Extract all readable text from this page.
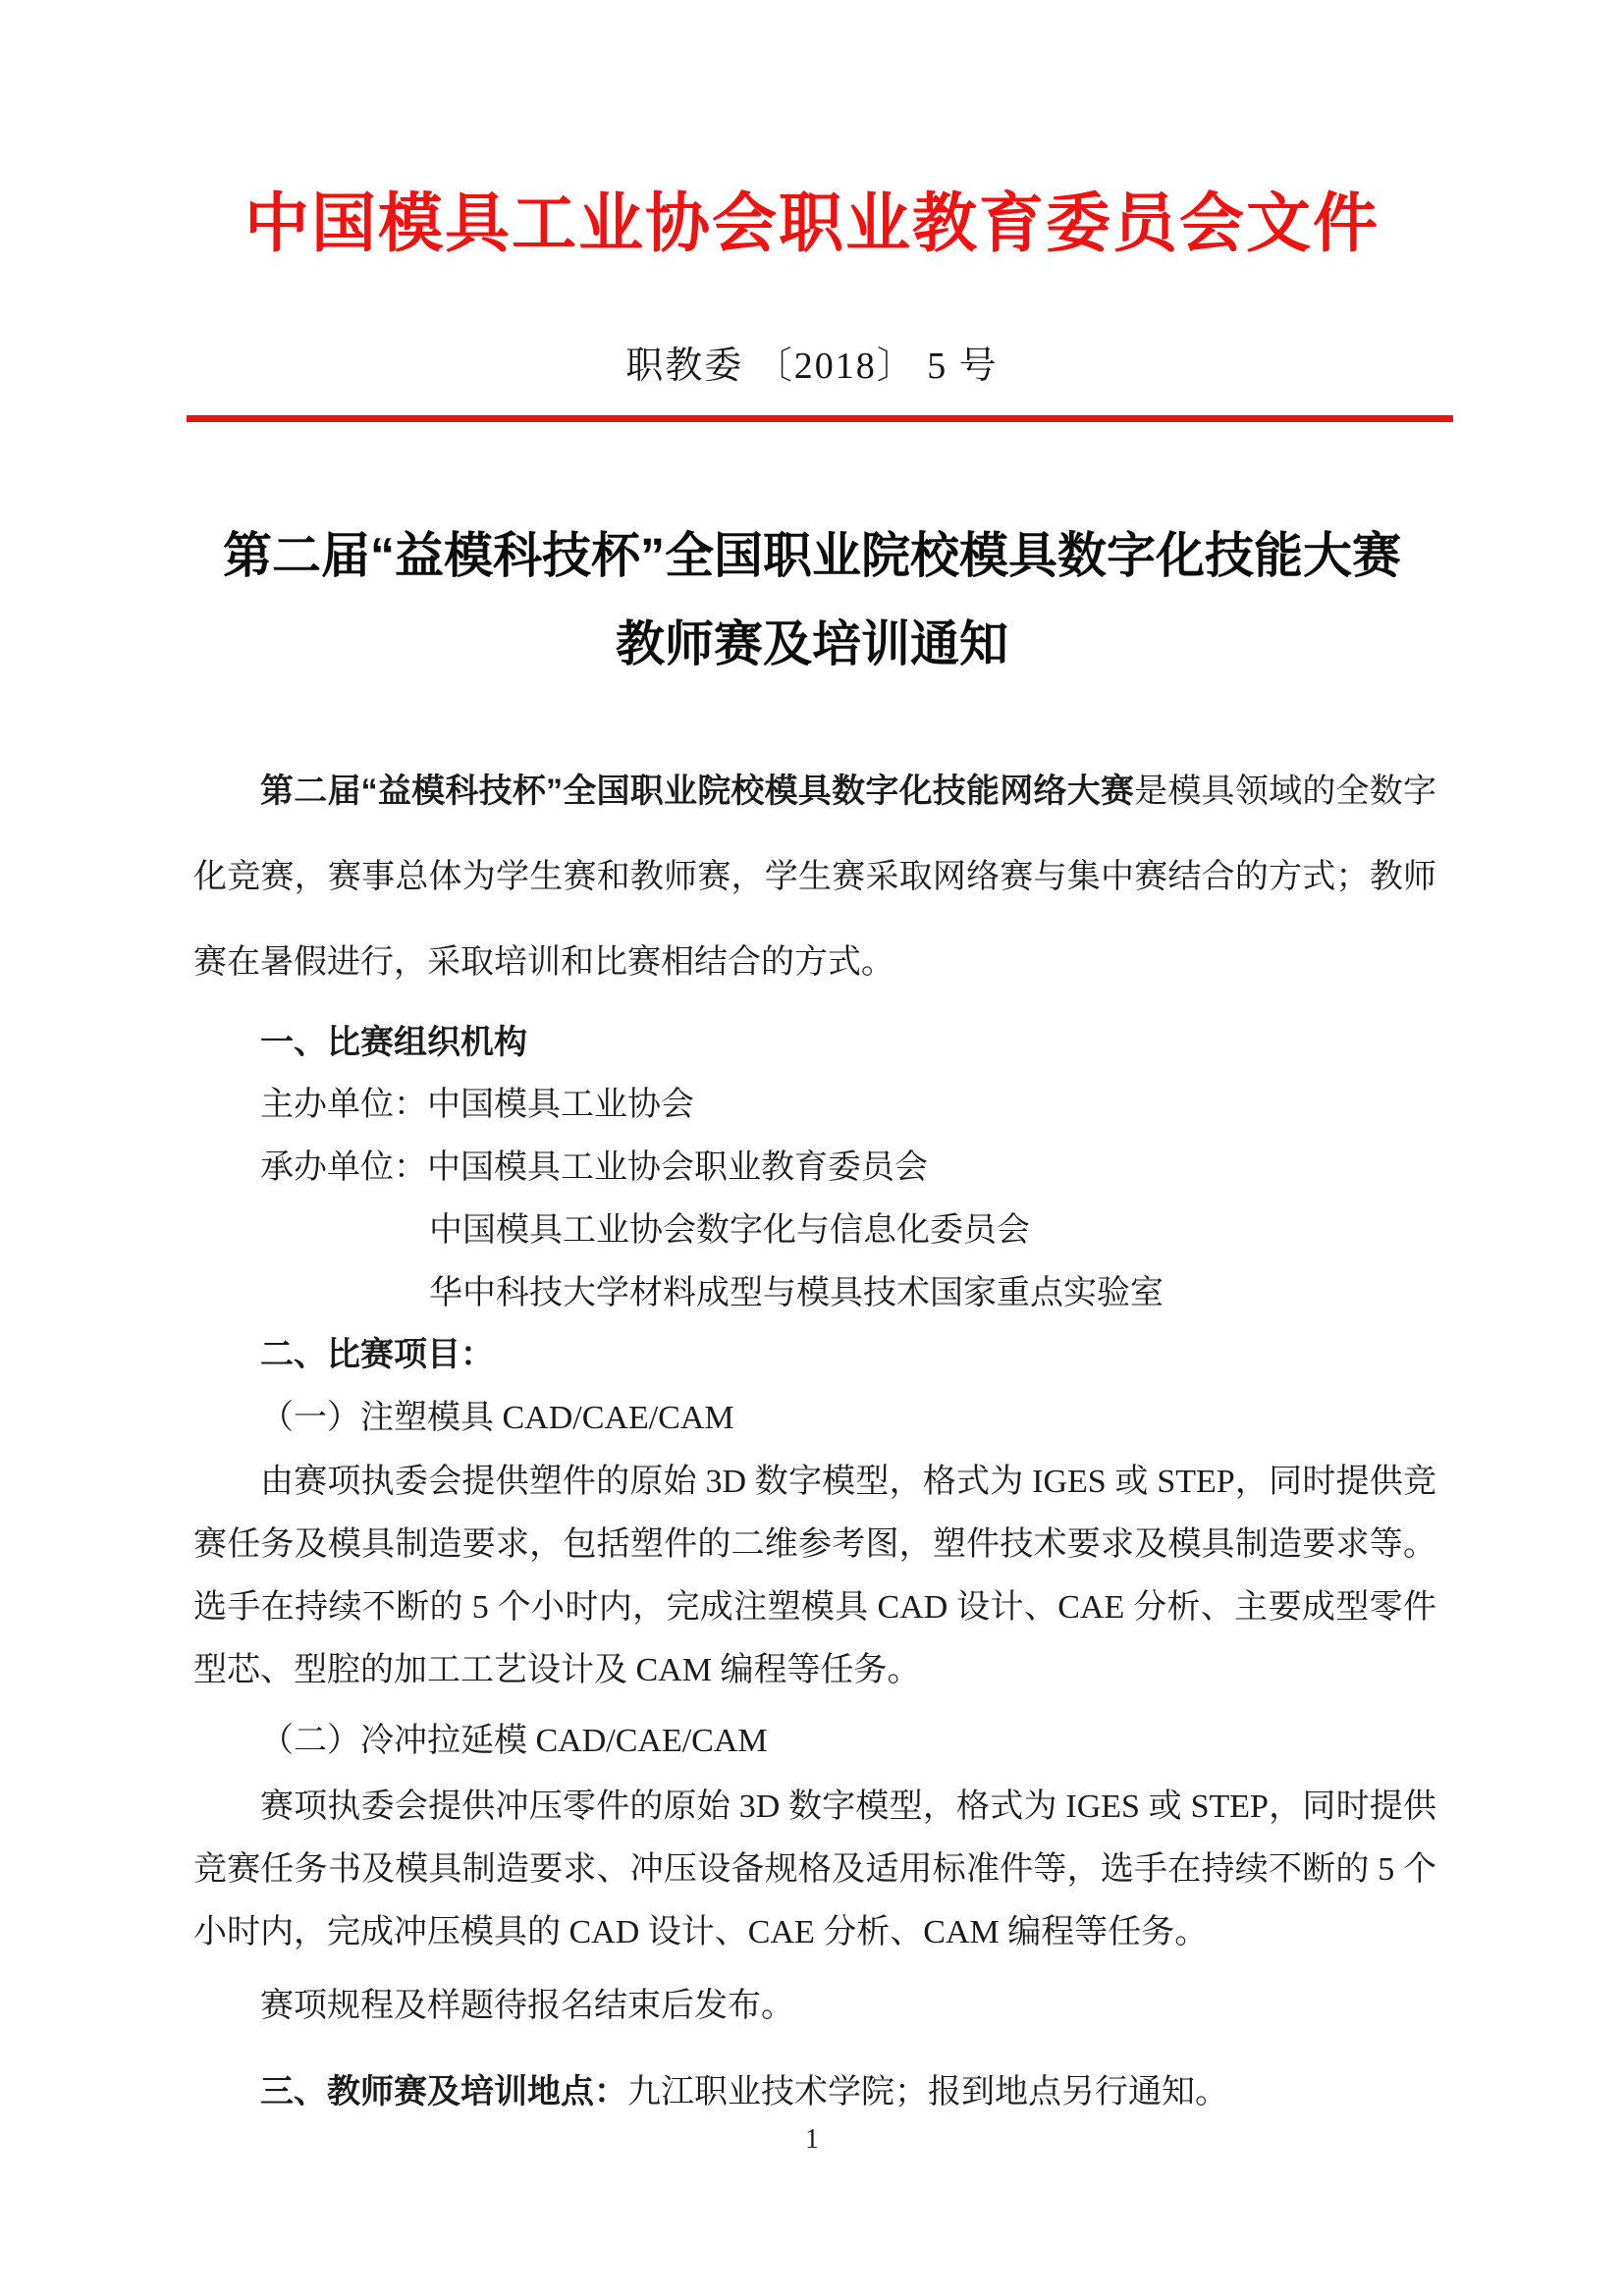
中国模具工业协会职业教育委员会文件
职教委 〔2018〕 5 号
第二届“益模科技杯”全国职业院校模具数字化技能大赛
教师赛及培训通知
第二届“益模科技杯”全国职业院校模具数字化技能网络大赛是模具领域的全数字化竞赛，赛事总体为学生赛和教师赛，学生赛采取网络赛与集中赛结合的方式；教师赛在暑假进行，采取培训和比赛相结合的方式。
一、比赛组织机构
主办单位：中国模具工业协会
承办单位：中国模具工业协会职业教育委员会
中国模具工业协会数字化与信息化委员会
华中科技大学材料成型与模具技术国家重点实验室
二、比赛项目：
（一）注塑模具 CAD/CAE/CAM
由赛项执委会提供塑件的原始 3D 数字模型，格式为 IGES 或 STEP，同时提供竞赛任务及模具制造要求，包括塑件的二维参考图，塑件技术要求及模具制造要求等。选手在持续不断的 5 个小时内，完成注塑模具 CAD 设计、CAE 分析、主要成型零件型芯、型腔的加工工艺设计及 CAM 编程等任务。
（二）冷冲拉延模 CAD/CAE/CAM
赛项执委会提供冲压零件的原始 3D 数字模型，格式为 IGES 或 STEP，同时提供竞赛任务书及模具制造要求、冲压设备规格及适用标准件等，选手在持续不断的 5 个小时内，完成冲压模具的 CAD 设计、CAE 分析、CAM 编程等任务。
赛项规程及样题待报名结束后发布。
三、教师赛及培训地点：九江职业技术学院；报到地点另行通知。
1
